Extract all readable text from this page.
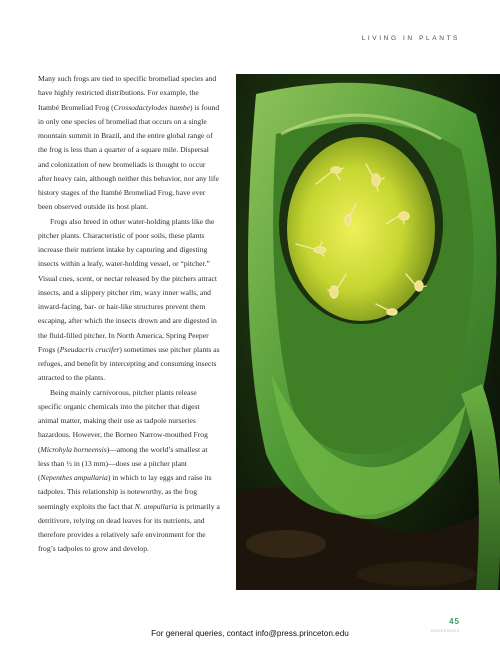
LIVING IN PLANTS

Many such frogs are tied to specific bromeliad species and have highly restricted distributions. For example, the Itambé Bromeliad Frog (Crossodactylodes itambe) is found in only one species of bromeliad that occurs on a single mountain summit in Brazil, and the entire global range of the frog is less than a quarter of a square mile. Dispersal and colonization of new bromeliads is thought to occur after heavy rain, although neither this behavior, nor any life history stages of the Itambé Bromeliad Frog, have ever been observed outside its host plant.

Frogs also breed in other water-holding plants like the pitcher plants. Characteristic of poor soils, these plants increase their nutrient intake by capturing and digesting insects within a leafy, water-holding vessel, or “pitcher.” Visual cues, scent, or nectar released by the pitchers attract insects, and a slippery pitcher rim, waxy inner walls, and inward-facing, bar- or hair-like structures prevent them escaping, after which the insects drown and are digested in the fluid-filled pitcher. In North America, Spring Peeper Frogs (Pseudacris crucifer) sometimes use pitcher plants as refuges, and benefit by intercepting and consuming insects attracted to the plants.

Being mainly carnivorous, pitcher plants release specific organic chemicals into the pitcher that digest animal matter, making their use as tadpole nurseries hazardous. However, the Borneo Narrow-mouthed Frog (Microhyla borneensis)—among the world’s smallest at less than ½ in (13 mm)—does use a pitcher plant (Nepenthes ampullaria) in which to lay eggs and raise its tadpoles. This relationship is noteworthy, as the frog seemingly exploits the fact that N. ampullaria is primarily a detritivore, relying on dead leaves for its nutrients, and therefore provides a relatively safe environment for the frog’s tadpoles to grow and develop.

45
000000000
For general queries, contact info@press.princeton.edu
